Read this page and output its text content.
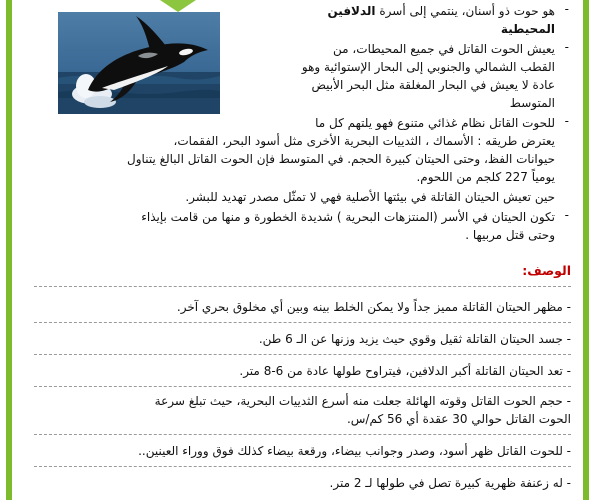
-
هو حوت ذو أسنان، ينتمي إلى أسرة الدلافين
المحيطية
-
يعيش الحوت القاتل في جميع المحيطات، من
القطب الشمالي والجنوبي إلى البحار الإستوائية وهو
عادة لا يعيش في البحار المغلقة مثل البحر الأبيض
المتوسط
-
للحوت القاتل نظام غذائي متنوع فهو يلتهم كل ما
يعترض طريقه : الأسماك ، الثدييات البحرية الأخرى مثل أسود البحر، الفقمات،
حيوانات الفظ، وحتى الحيتان كبيرة الحجم. في المتوسط فإن الحوت القاتل البالغ يتناول
يومياً 227 كلجم من اللحوم.
حين تعيش الحيتان القاتلة في بيئتها الأصلية فهي لا تمثّل مصدر تهديد للبشر.
-
تكون الحيتان في الأسر (المنتزهات البحرية ) شديدة الخطورة و منها من قامت بإيذاء
وحتى قتل مربيها .
الوصف:
- مظهر الحيتان القاتلة مميز جداً ولا يمكن الخلط بينه وبين أي مخلوق بحري آخر.
- جسد الحيتان القاتلة ثقيل وقوي حيث يزيد وزنها عن الـ 6 طن.
- تعد الحيتان القاتلة أكبر الدلافين، فيتراوح طولها عادة من 6-8 متر.
- حجم الحوت القاتل وقوته الهائلة جعلت منه أسرع الثدييات البحرية، حيث تبلغ سرعة
الحوت القاتل حوالي 30 عقدة أي 56 كم/س.
- للحوت القاتل ظهر أسود، وصدر وجوانب بيضاء، ورقعة بيضاء كذلك فوق ووراء العينين..
- له زعنفة ظهرية كبيرة تصل في طولها لـ 2 متر.
